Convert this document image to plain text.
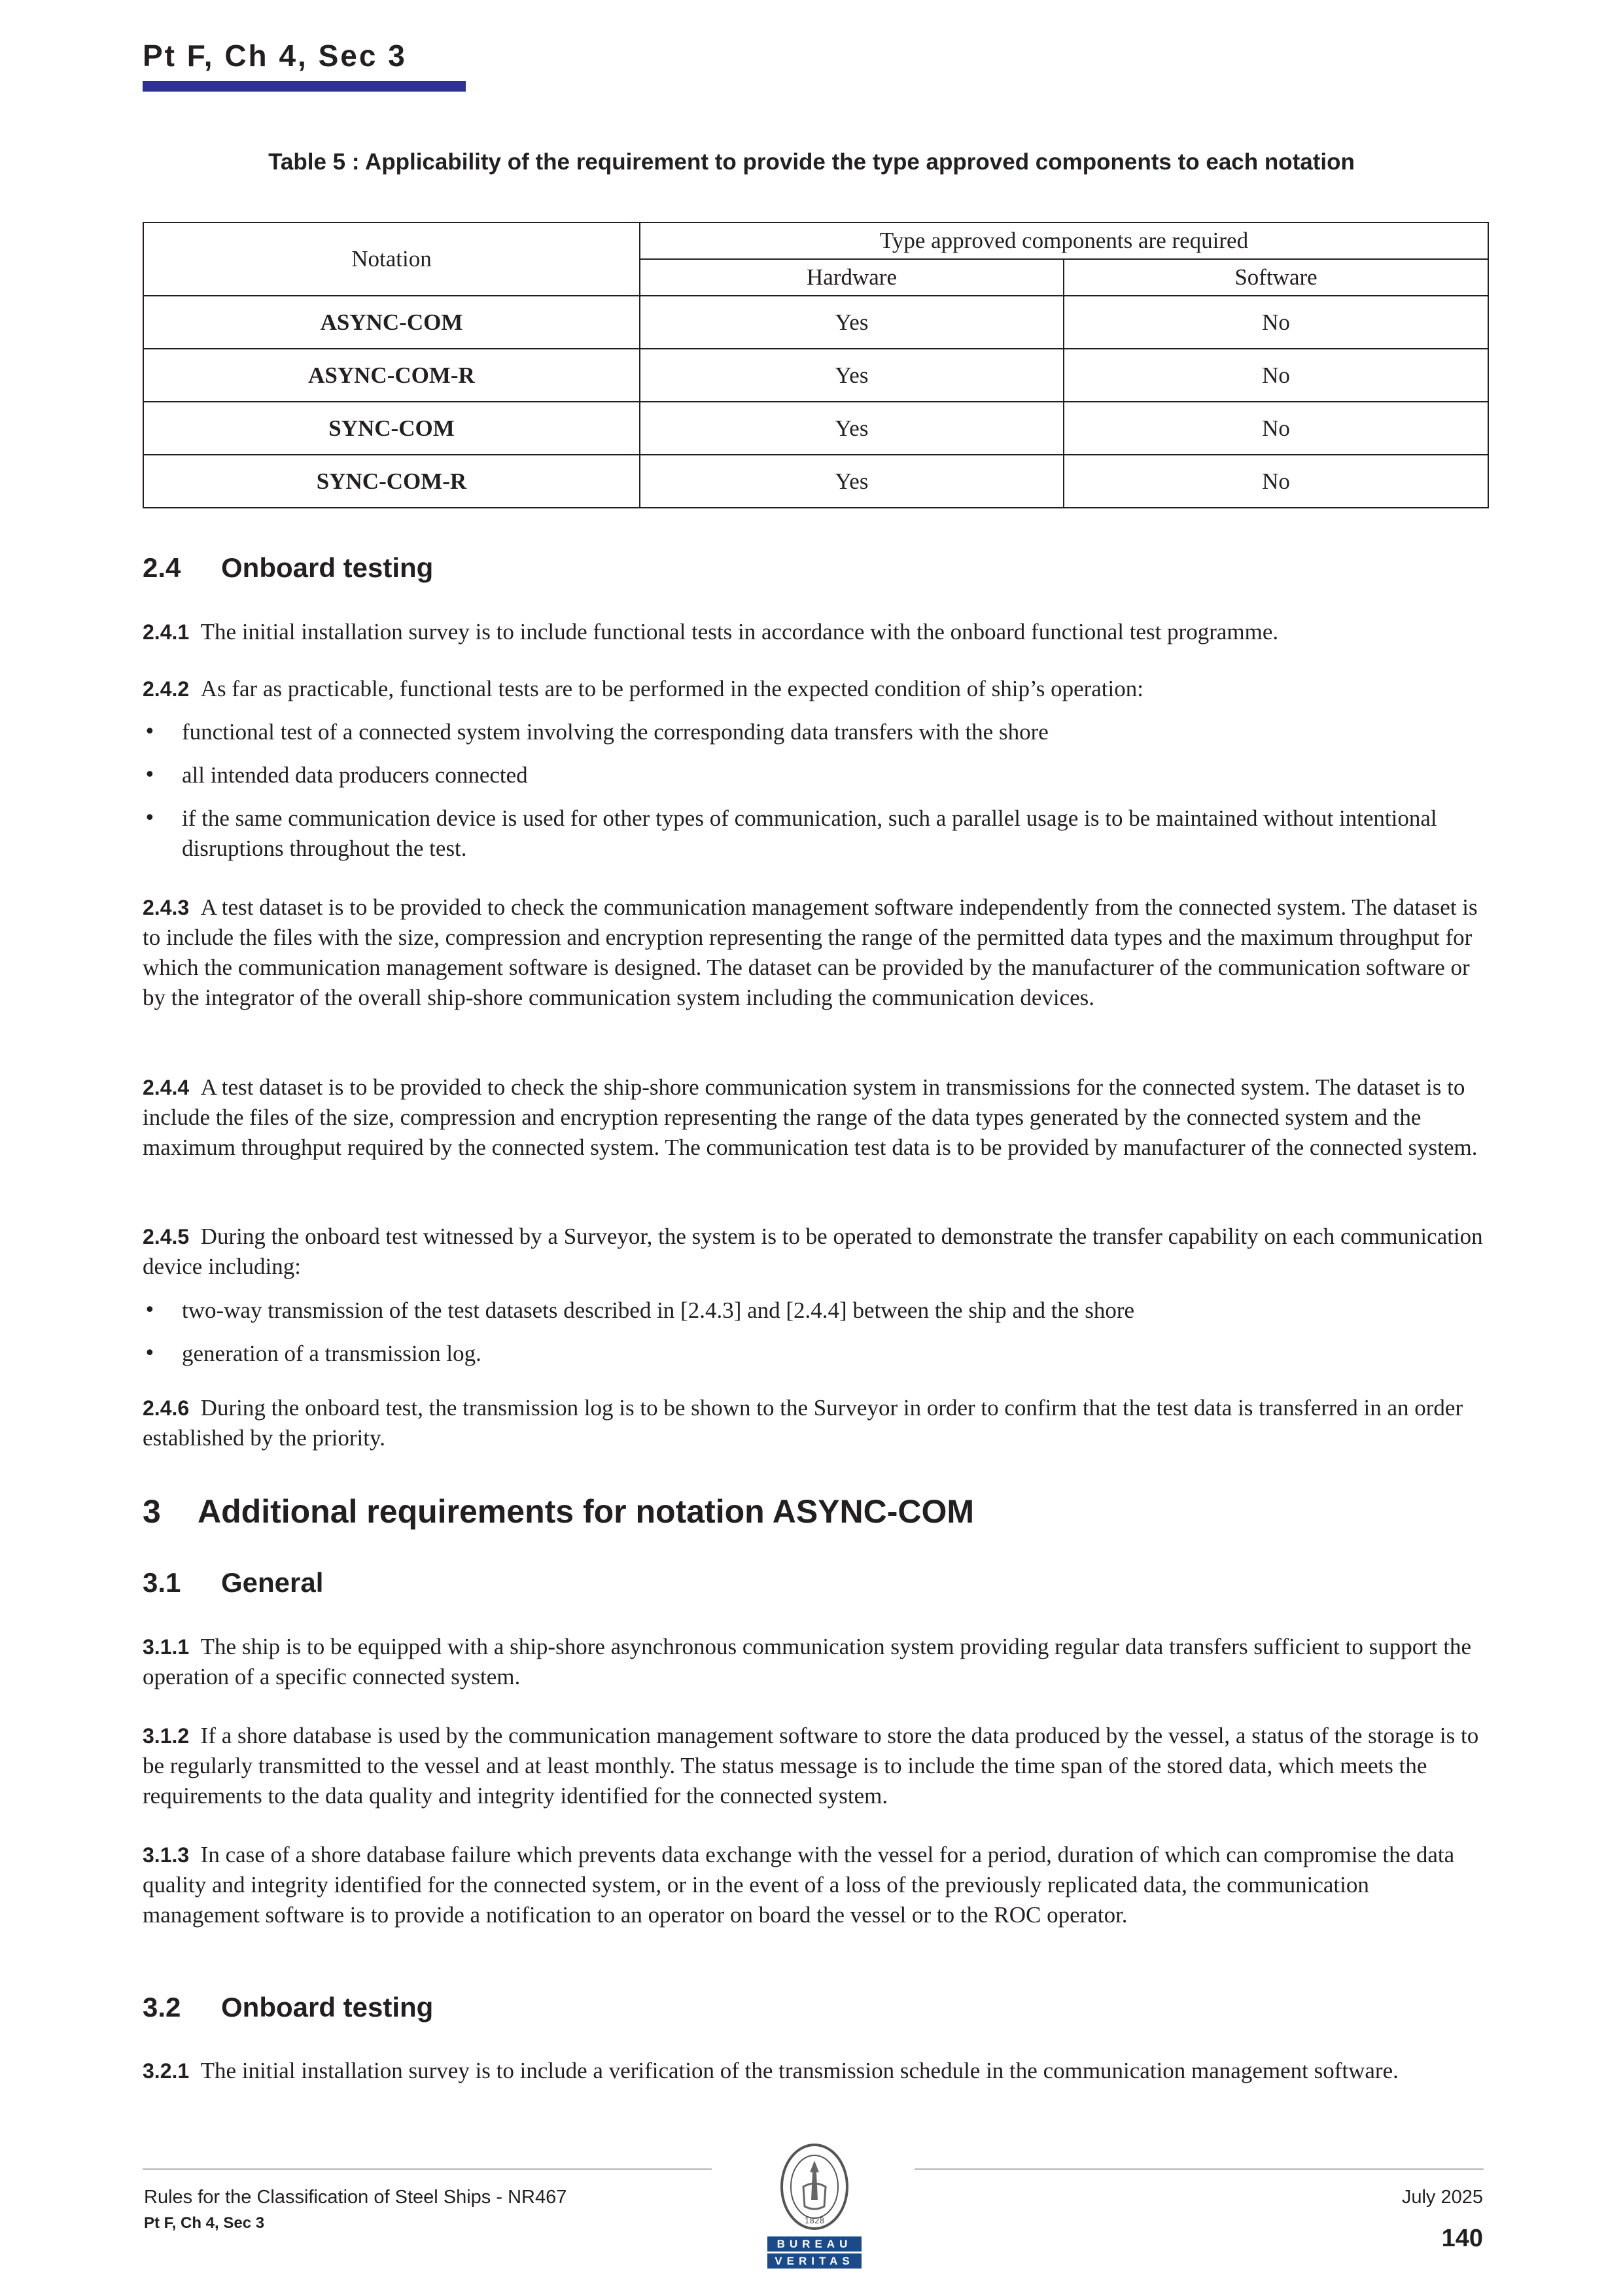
Pt F, Ch 4, Sec 3
Table 5 : Applicability of the requirement to provide the type approved components to each notation
Notation	Type approved components are required	
	Hardware	Software
ASYNC-COM	Yes	No
ASYNC-COM-R	Yes	No
SYNC-COM	Yes	No
SYNC-COM-R	Yes	No
2.4 Onboard testing
2.4.1 The initial installation survey is to include functional tests in accordance with the onboard functional test programme.
2.4.2 As far as practicable, functional tests are to be performed in the expected condition of ship’s operation:
• functional test of a connected system involving the corresponding data transfers with the shore
• all intended data producers connected
• if the same communication device is used for other types of communication, such a parallel usage is to be maintained without intentional disruptions throughout the test.
2.4.3 A test dataset is to be provided to check the communication management software independently from the connected system. The dataset is to include the files with the size, compression and encryption representing the range of the permitted data types and the maximum throughput for which the communication management software is designed. The dataset can be provided by the manufacturer of the communication software or by the integrator of the overall ship-shore communication system including the communication devices.
2.4.4 A test dataset is to be provided to check the ship-shore communication system in transmissions for the connected system. The dataset is to include the files of the size, compression and encryption representing the range of the data types generated by the connected system and the maximum throughput required by the connected system. The communication test data is to be provided by manufacturer of the connected system.
2.4.5 During the onboard test witnessed by a Surveyor, the system is to be operated to demonstrate the transfer capability on each communication device including:
• two-way transmission of the test datasets described in [2.4.3] and [2.4.4] between the ship and the shore
• generation of a transmission log.
2.4.6 During the onboard test, the transmission log is to be shown to the Surveyor in order to confirm that the test data is transferred in an order established by the priority.
3 Additional requirements for notation ASYNC-COM
3.1 General
3.1.1 The ship is to be equipped with a ship-shore asynchronous communication system providing regular data transfers sufficient to support the operation of a specific connected system.
3.1.2 If a shore database is used by the communication management software to store the data produced by the vessel, a status of the storage is to be regularly transmitted to the vessel and at least monthly. The status message is to include the time span of the stored data, which meets the requirements to the data quality and integrity identified for the connected system.
3.1.3 In case of a shore database failure which prevents data exchange with the vessel for a period, duration of which can compromise the data quality and integrity identified for the connected system, or in the event of a loss of the previously replicated data, the communication management software is to provide a notification to an operator on board the vessel or to the ROC operator.
3.2 Onboard testing
3.2.1 The initial installation survey is to include a verification of the transmission schedule in the communication management software.
Rules for the Classification of Steel Ships - NR467
Pt F, Ch 4, Sec 3
July 2025
140
1828
BUREAU
VERITAS
